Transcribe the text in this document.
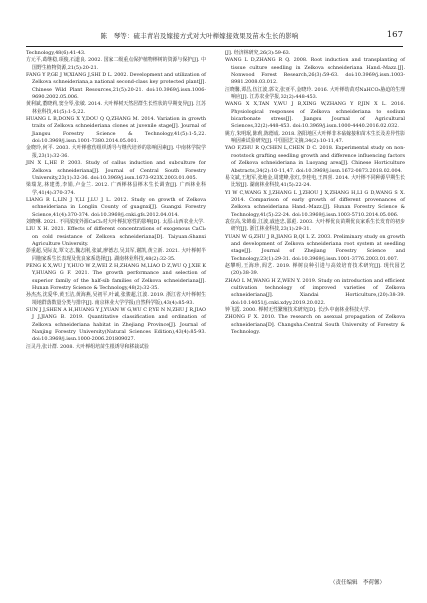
陈　琴等：硫丰青岩及嫁接方式对大叶榉嫁接效果及苗木生长的影响	167

Technology,48(6):41-43.

方元平,葛继稳,项俊,石道良. 2002. 国家二级重点保护植物榉树的资源与保护[J]. 中国野生植物资源,21(5):20-21.

FANG Y P,GE J W,XIANG J,SHI D L. 2002. Development and utilization of Zelkova schneideriana,a national second-class key protected plant[J]. Chinese Wild Plant Resources,21(5):20-21. doi:10.3969/j.issn.1006-9690.2002.05.006.

黄利斌,董晓莉,窦全琴,张敏. 2014. 大叶榉树天然居群生长性状的早期变异[J]. 江苏林业科技,41(5):1-5,22.

HUANG L B,DONG X Y,DOU Q Q,ZHANG M. 2014. Variation in growth traits of Zelkova schneideriana clones at juvenile stage[J]. Journal of Jiangsu Forestry Science & Technology,41(5):1-5,22. doi:10.3969/j.issn.1001-7380.2014.05.001.

金晓玲,何平. 2003. 大叶榉愈伤组织诱导与继代培养的影响因素[J]. 中南林学院学报,23(1):32-36.

JIN X L,HE P. 2003. Study of callus induction and subculture for Zelkova schneideriana[J]. Journal of Central South Forestry University,23(1):32-36. doi:10.3969/j.issn.1673-923X.2003.01.005.

梁瑞龙,林建勇,李娟,卢金兰. 2012. 广西榉林县榉木生长调查[J]. 广西林业科学,41(4):370-374.

LIANG R L,LIN J Y,LI J,LU J L. 2012. Study on growth of Zelkova schneideriana in Longlin County of guagnxi[J]. Guangxi Forestry Science,41(4):370-374. doi:10.3969/j.cnki.gfs.2012.04.014.

刘晓琳. 2021. 不同浓度外源CaCl₂对大叶榉抗寒性的影响[D]. 太原:山西农业大学.

LIU X H. 2021. Effects of different concentrations of exogenous CaCl₂ on cold resistance of Zelkova schneideriana[D]. Taiyuan:Shanxi Agriculture University.

彭重超,吴际友,覃文志,魏志刚,张斌,廖德志,吴其军,谢凯,黄立新. 2021. 大叶榉树半同胞家系生长表现及优良家系选择[J]. 湖南林业科技,48(2):32-35.

PENG K X,WU J Y,HUO W Z,WEI Z H,ZHANG M,LIAO D Z,WU Q J,XIE K Y,HUANG G F. 2021. The growth performance and selection of superior family of the half-sib families of Zelkova schneideriana[J]. Hunan Forestry Science & Technology,48(2):32-35.

孙杰杰,沈爱华,黄玉洁,黄海燕,吴初平,叶诚,张骏超,江波. 2019. 浙江省大叶榉树生境地群落数量分类与排序[J]. 南京林业大学学报(自然科学版),43(4):85-93.

SUN J J,SHEN A H,HUANG Y J,YUAN W G,WU C P,YE N N,ZHU J R,JIAO J J,JIANG B. 2019. Quantitative classification and ordination of Zelkova schneideriana habitat in Zhejiang Province[J]. Journal of Nanjing Forestry University(Natural Sciences Edition),43(4):85-93. doi:10.3969/j.issn.1000-2006.201809027.

汪灵丹,张计群. 2008. 大叶榉组培苗生根诱导和移栽试验

[J]. 经济林研究,26(3):59-63.

WANG L D,ZHANG R Q. 2008. Root induction and transplanting of tissue culture seedling in Zelkova schneideriana Hand.-Mazz.[J]. Nonwood Forest Research,26(3):59-63. doi:10.3969/j.issn.1003-8981.2008.03.012.

汪晓馨,谭昌,伍江波,郭文,张亚平,金晓玲. 2016. 大叶榉幼苗对NaHCO₃胁迫的生理响应[J]. 江苏农业学报,32(2):448-453.

WANG X X,TAN Y,WU J B,XING W,ZHANG Y P,JIN X L. 2016. Physiological responses of Zelkova schneideriana to sodium bicarbonate stress[J]. Jiangsu Journal of Agricultural Sciences,32(2):448-453. doi:10.3969/j.issn.1000-4440.2016.02.032.

姚方,朱明珉,陈莉,陈德成. 2018. 洛阳地区大叶榉非本砧嫁接和苗木生长及差异性影响因素试验研究[J]. 中国园艺文摘,34(2):10-11,47.

YAO F,ZHU R Q,CHEN L,CHEN D C. 2018. Experimental study on non-rootstock grafting seedling growth and difference influencing factors of Zelkova schneideriana in Luoyang area[J]. Chinese Horticulture Abstracts,34(2):10-11,47. doi:10.3969/j.issn.1672-0873.2018.02.004.

易文斌,王旭军,张地金,周建峰,张红,李桂电,王四喜. 2014. 大叶榉不同种源早期生长比较[J]. 湖南林业科技,41(5):22-24.

YI W C,WANG X J,ZHANG L J,ZHOU J X,ZHANG H,LI G D,WANG S X. 2014. Comparison of early growth of different provenances of Zelkova schneideriana Hand.-Mazz.[J]. Hunan Forestry Science & Technology,41(5):22-24. doi:10.3969/j.issn.1003-5710.2014.05.006.

袁位高,朱锦茹,江波,戚连忠,邵彪. 2003. 大叶榉优良苗期优良家系生长发育的初步研究[J]. 浙江林业科技,23(1):29-31.

YUAN W G,ZHU J R,JIANG B,QI L Z. 2003. Preliminary study on growth and development of Zelkova schneideriana root system at seedling stage[J]. Journal of Zhejiang Forestry Science and Technology,23(1):29-31. doi:10.3969/j.issn.1001-3776.2003.01.007.

赵攀明,王海珍,阎艺. 2019. 榉树良种引进与高效培育技术研究[J]. 现代园艺(20):38-39.

ZHAO L M,WANG H Z,WEN Y. 2019. Study on introduction and efficient cultivation technology of improved varieties of Zelkova schneideriana[J]. Xiandai Horticulture,(20):38-39. doi:10.14051/j.cnki.xdyy.2019.20.022.

钟飞霞. 2000. 榉树无性繁殖技术研究[D]. 长沙:中南林业科技大学.

ZHONG F X. 2010. The research on asexual propagation of Zelkova schneideriana[D]. Changsha:Central South University of Forestry & Technology.

（责任编辑　李荷馨）
